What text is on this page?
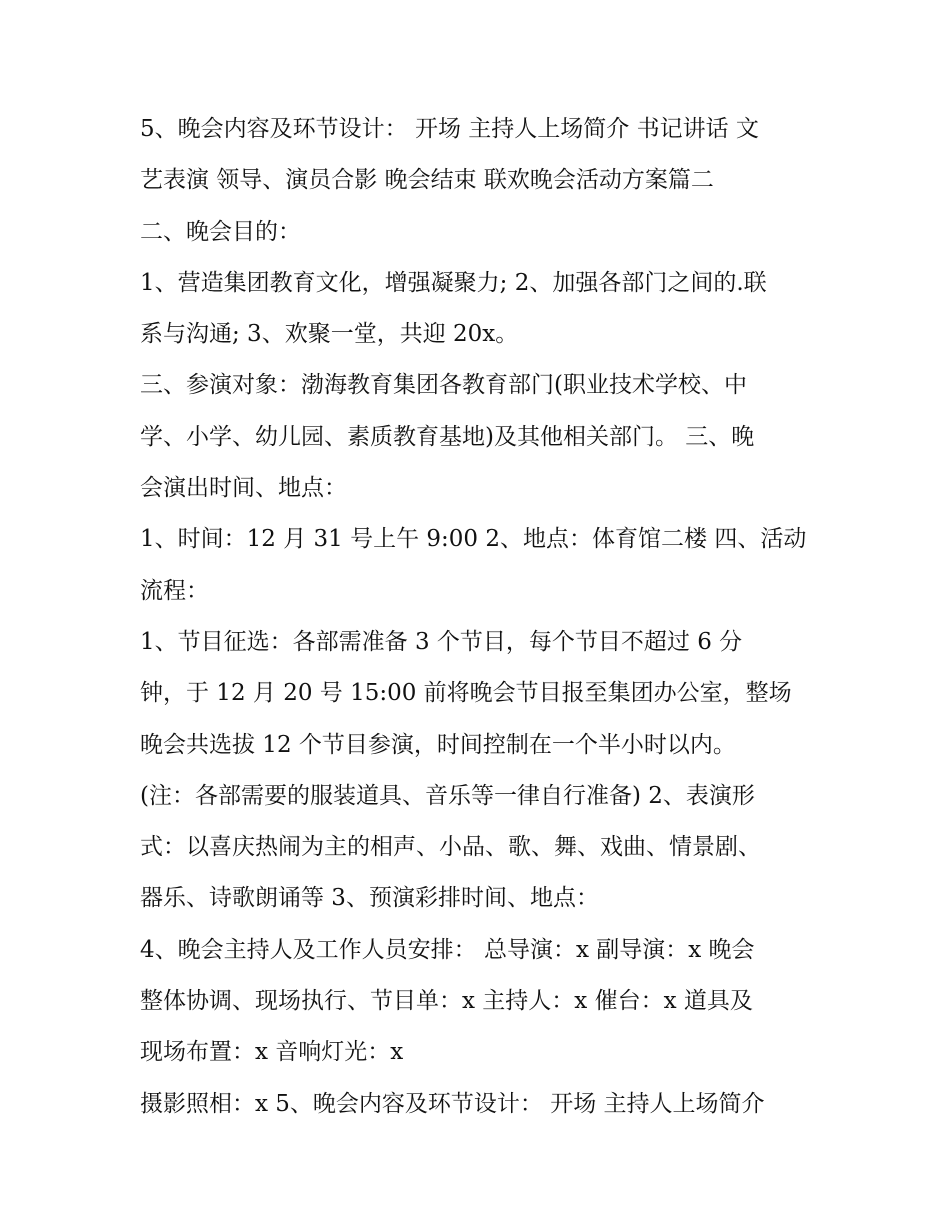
5、晚会内容及环节设计： 开场 主持人上场简介 书记讲话 文
艺表演 领导、演员合影 晚会结束 联欢晚会活动方案篇二
二、晚会目的：
1、营造集团教育文化，增强凝聚力; 2、加强各部门之间的.联
系与沟通; 3、欢聚一堂，共迎 20x。
三、参演对象：渤海教育集团各教育部门(职业技术学校、中
学、小学、幼儿园、素质教育基地)及其他相关部门。 三、晚
会演出时间、地点：
1、时间：12 月 31 号上午 9:00 2、地点：体育馆二楼 四、活动
流程：
1、节目征选：各部需准备 3 个节目，每个节目不超过 6 分
钟，于 12 月 20 号 15:00 前将晚会节目报至集团办公室，整场
晚会共选拔 12 个节目参演，时间控制在一个半小时以内。
(注：各部需要的服装道具、音乐等一律自行准备) 2、表演形
式：以喜庆热闹为主的相声、小品、歌、舞、戏曲、情景剧、
器乐、诗歌朗诵等 3、预演彩排时间、地点：
4、晚会主持人及工作人员安排： 总导演：x 副导演：x 晚会
整体协调、现场执行、节目单：x 主持人：x 催台：x 道具及
现场布置：x 音响灯光：x
摄影照相：x 5、晚会内容及环节设计： 开场 主持人上场简介
